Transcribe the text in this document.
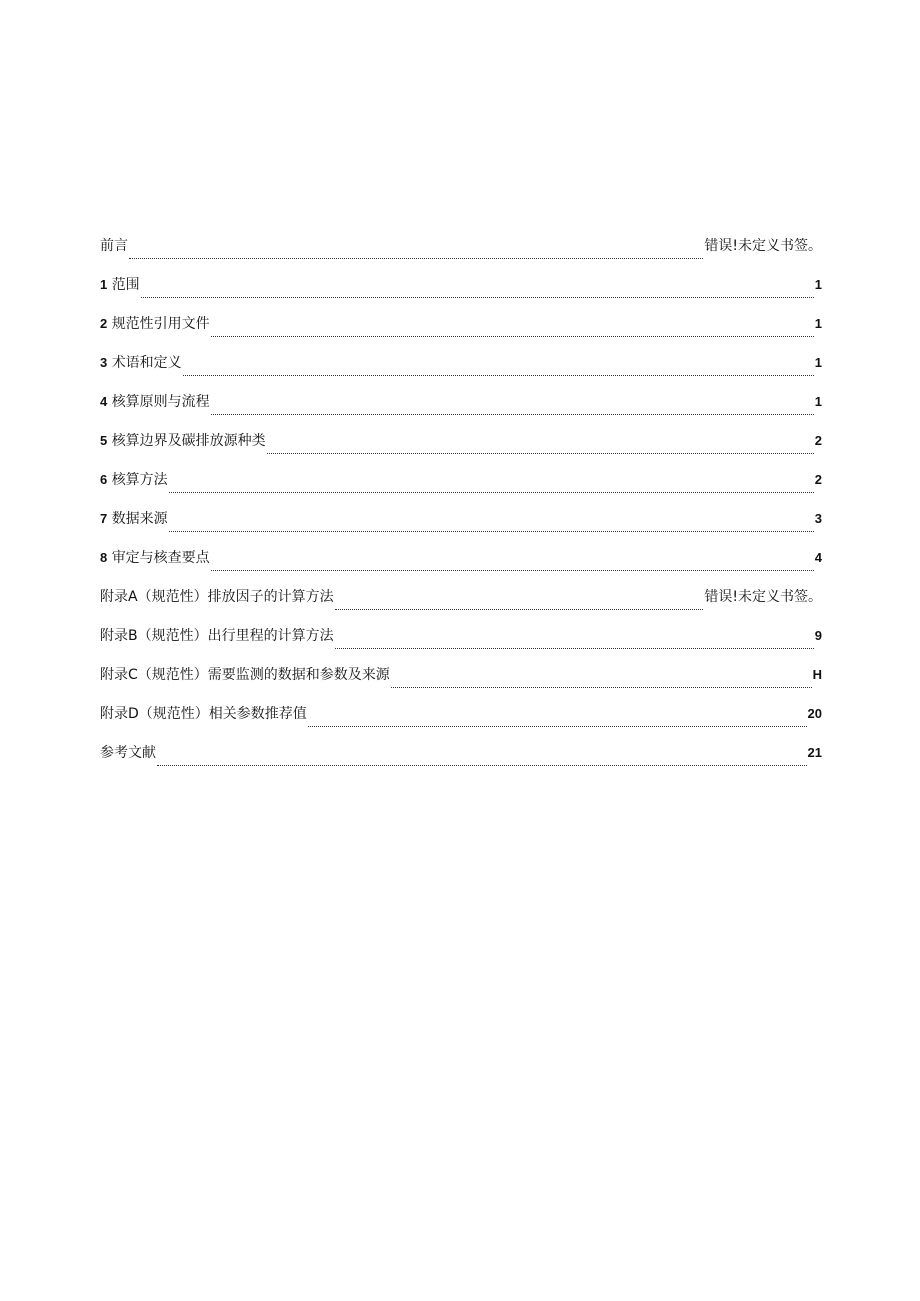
前言	错误!未定义书签。
1 范围	1
2 规范性引用文件	1
3 术语和定义	1
4 核算原则与流程	1
5 核算边界及碳排放源种类	2
6 核算方法	2
7 数据来源	3
8 审定与核查要点	4
附录A（规范性）排放因子的计算方法	错误!未定义书签。
附录B（规范性）出行里程的计算方法	9
附录C（规范性）需要监测的数据和参数及来源	H
附录D（规范性）相关参数推荐值	20
参考文献	21
